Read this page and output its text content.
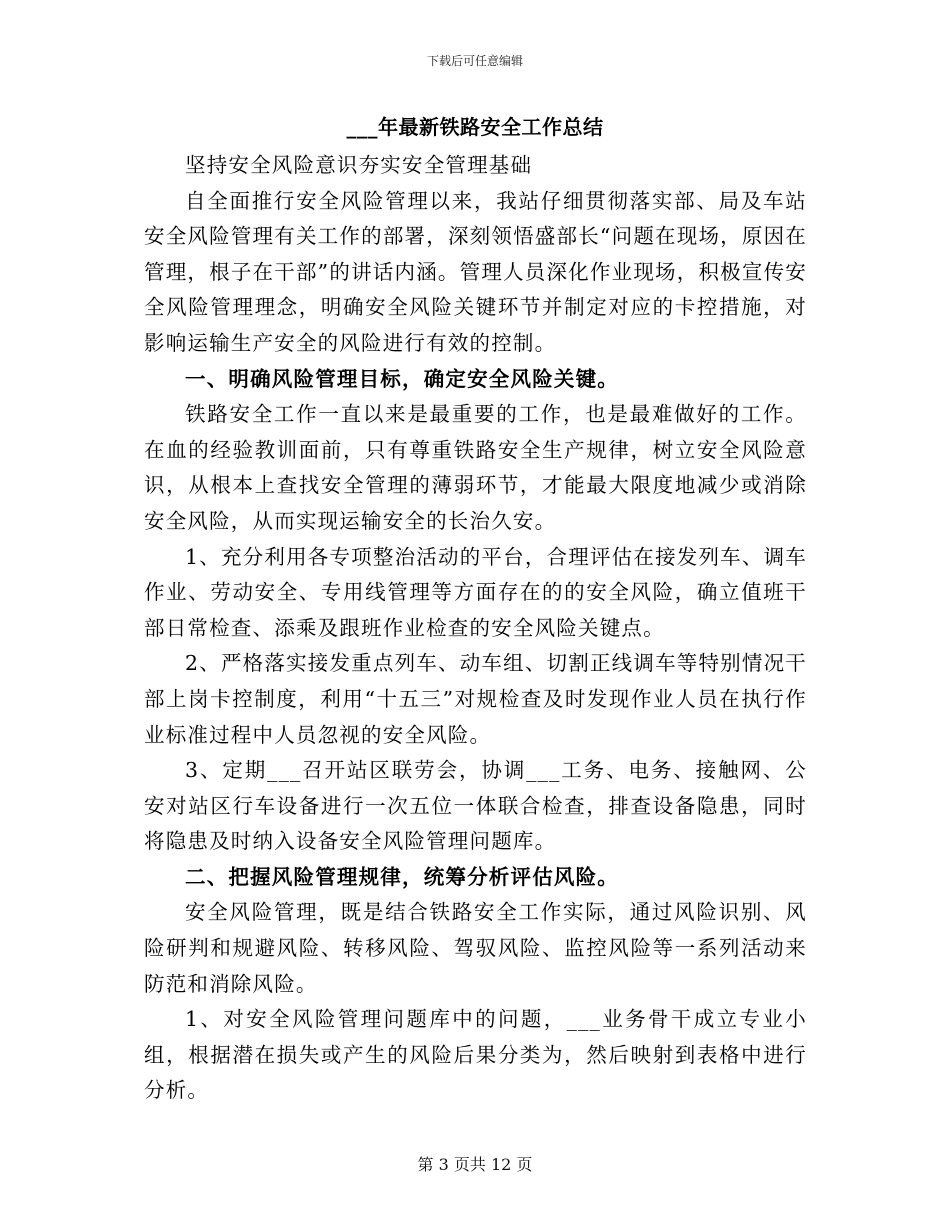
下载后可任意编辑
___年最新铁路安全工作总结

坚持安全风险意识夯实安全管理基础

自全面推行安全风险管理以来，我站仔细贯彻落实部、局及车站安全风险管理有关工作的部署，深刻领悟盛部长“问题在现场，原因在管理，根子在干部”的讲话内涵。管理人员深化作业现场，积极宣传安全风险管理理念，明确安全风险关键环节并制定对应的卡控措施，对影响运输生产安全的风险进行有效的控制。

一、明确风险管理目标，确定安全风险关键。

铁路安全工作一直以来是最重要的工作，也是最难做好的工作。在血的经验教训面前，只有尊重铁路安全生产规律，树立安全风险意识，从根本上查找安全管理的薄弱环节，才能最大限度地减少或消除安全风险，从而实现运输安全的长治久安。

1、充分利用各专项整治活动的平台，合理评估在接发列车、调车作业、劳动安全、专用线管理等方面存在的的安全风险，确立值班干部日常检查、添乘及跟班作业检查的安全风险关键点。

2、严格落实接发重点列车、动车组、切割正线调车等特别情况干部上岗卡控制度，利用“十五三”对规检查及时发现作业人员在执行作业标准过程中人员忽视的安全风险。

3、定期___召开站区联劳会，协调___工务、电务、接触网、公安对站区行车设备进行一次五位一体联合检查，排查设备隐患，同时将隐患及时纳入设备安全风险管理问题库。

二、把握风险管理规律，统筹分析评估风险。

安全风险管理，既是结合铁路安全工作实际，通过风险识别、风险研判和规避风险、转移风险、驾驭风险、监控风险等一系列活动来防范和消除风险。

1、对安全风险管理问题库中的问题，___业务骨干成立专业小组，根据潜在损失或产生的风险后果分类为，然后映射到表格中进行分析。

第 3 页共 12 页
